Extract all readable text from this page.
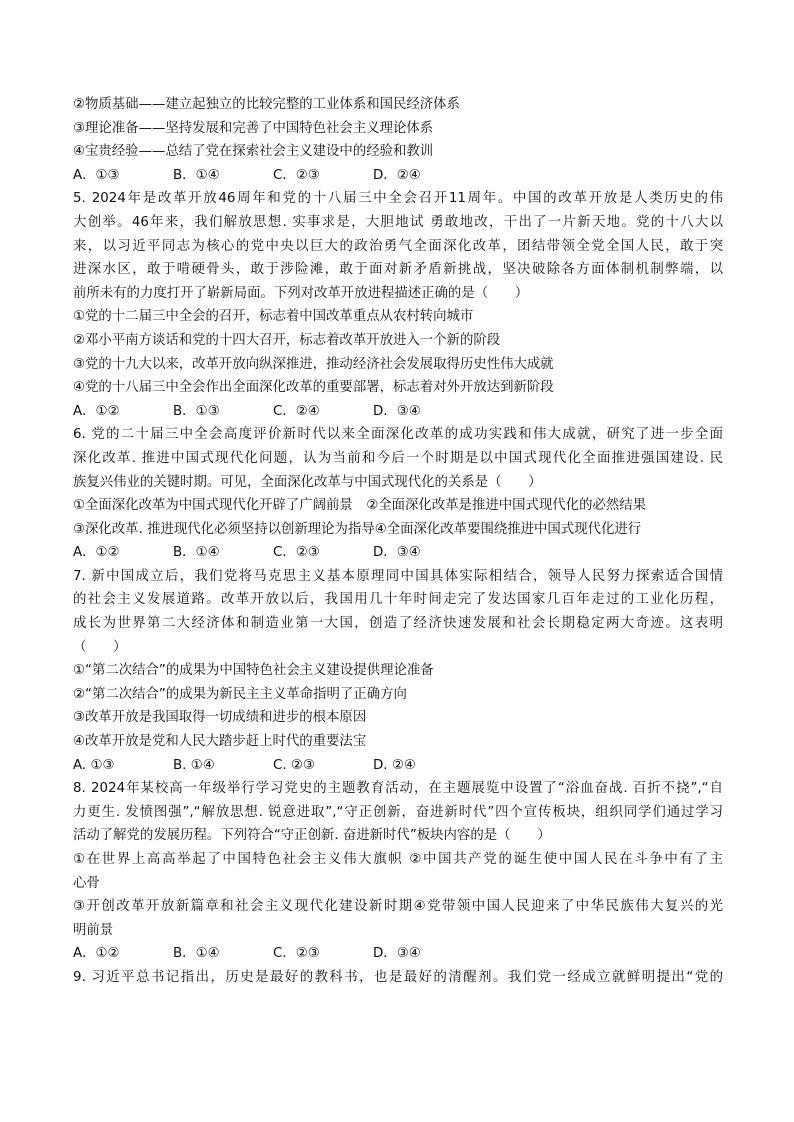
②物质基础——建立起独立的比较完整的工业体系和国民经济体系
③理论准备——坚持发展和完善了中国特色社会主义理论体系
④宝贵经验——总结了党在探索社会主义建设中的经验和教训
A．①③	B．①④	C．②③	D．②④
5. 2024年是改革开放46周年和党的十八届三中全会召开11周年。中国的改革开放是人类历史的伟
大创举。46年来，我们解放思想. 实事求是，大胆地试 勇敢地改，干出了一片新天地。党的十八大以
来，以习近平同志为核心的党中央以巨大的政治勇气全面深化改革，团结带领全党全国人民，敢于突
进深水区，敢于啃硬骨头，敢于涉险滩，敢于面对新矛盾新挑战，坚决破除各方面体制机制弊端，以
前所未有的力度打开了崭新局面。下列对改革开放进程描述正确的是（　　）
①党的十二届三中全会的召开，标志着中国改革重点从农村转向城市
②邓小平南方谈话和党的十四大召开，标志着改革开放进入一个新的阶段
③党的十九大以来，改革开放向纵深推进，推动经济社会发展取得历史性伟大成就
④党的十八届三中全会作出全面深化改革的重要部署，标志着对外开放达到新阶段
A．①②	B．①③	C．②④	D．③④
6. 党的二十届三中全会高度评价新时代以来全面深化改革的成功实践和伟大成就，研究了进一步全面
深化改革. 推进中国式现代化问题，认为当前和今后一个时期是以中国式现代化全面推进强国建设. 民
族复兴伟业的关键时期。可见，全面深化改革与中国式现代化的关系是（　　）
①全面深化改革为中国式现代化开辟了广阔前景　②全面深化改革是推进中国式现代化的必然结果
③深化改革. 推进现代化必须坚持以创新理论为指导④全面深化改革要围绕推进中国式现代化进行
A．①②	B．①④	C．②③	D．③④
7. 新中国成立后，我们党将马克思主义基本原理同中国具体实际相结合，领导人民努力探索适合国情
的社会主义发展道路。改革开放以后，我国用几十年时间走完了发达国家几百年走过的工业化历程，
成长为世界第二大经济体和制造业第一大国，创造了经济快速发展和社会长期稳定两大奇迹。这表明
（　　）
①“第二次结合”的成果为中国特色社会主义建设提供理论准备
②“第二次结合”的成果为新民主主义革命指明了正确方向
③改革开放是我国取得一切成绩和进步的根本原因
④改革开放是党和人民大踏步赶上时代的重要法宝
A. ①③	B. ①④	C. ②③	D. ②④
8. 2024年某校高一年级举行学习党史的主题教育活动，在主题展览中设置了“浴血奋战. 百折不挠”,“自
力更生. 发愤图强”,“解放思想. 锐意进取”,“守正创新，奋进新时代”四个宣传板块，组织同学们通过学习
活动了解党的发展历程。下列符合“守正创新. 奋进新时代”板块内容的是（　　）
①在世界上高高举起了中国特色社会主义伟大旗帜 ②中国共产党的诞生使中国人民在斗争中有了主
心骨
③开创改革开放新篇章和社会主义现代化建设新时期④党带领中国人民迎来了中华民族伟大复兴的光
明前景
A．①②	B．①④	C．②③	D．③④
9. 习近平总书记指出，历史是最好的教科书，也是最好的清醒剂。我们党一经成立就鲜明提出“党的
